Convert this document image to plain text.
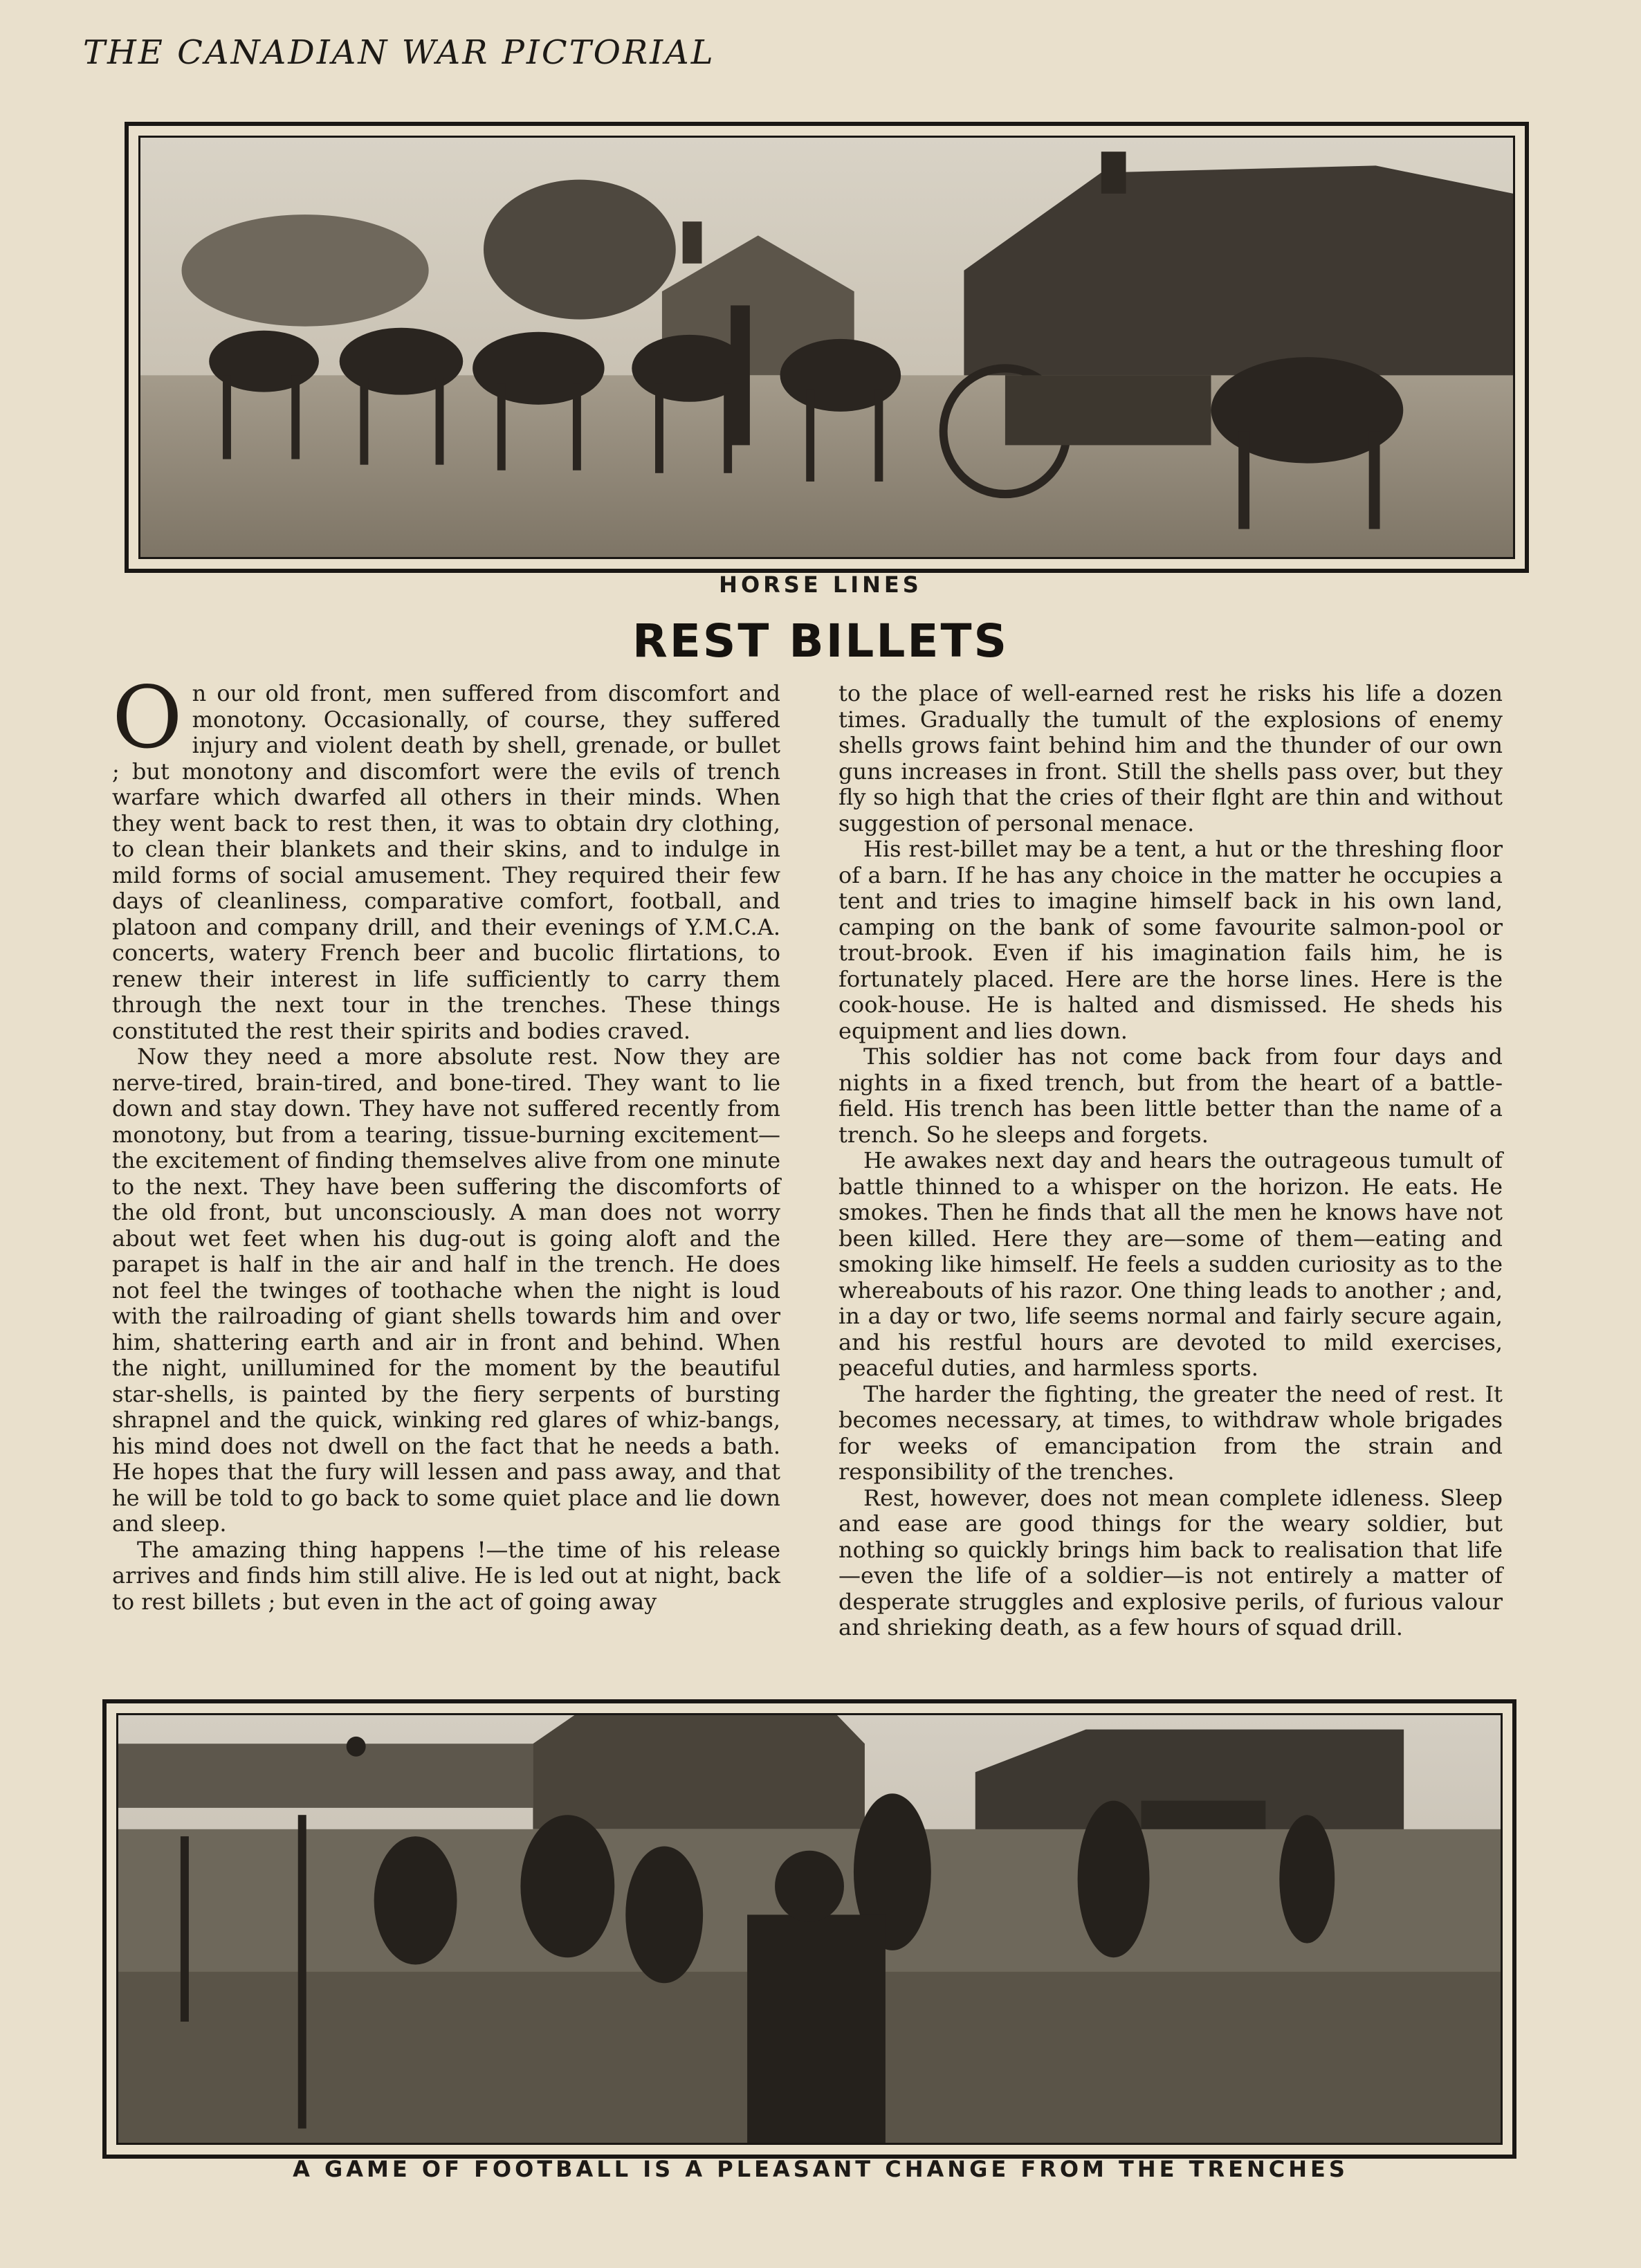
THE CANADIAN WAR PICTORIAL
HORSE LINES
REST BILLETS

On our old front, men suffered from discomfort and monotony. Occasionally, of course, they suffered injury and violent death by shell, grenade, or bullet ; but monotony and discomfort were the evils of trench warfare which dwarfed all others in their minds. When they went back to rest then, it was to obtain dry clothing, to clean their blankets and their skins, and to indulge in mild forms of social amusement. They required their few days of cleanliness, comparative comfort, football, and platoon and company drill, and their evenings of Y.M.C.A. concerts, watery French beer and bucolic flirtations, to renew their interest in life sufficiently to carry them through the next tour in the trenches. These things constituted the rest their spirits and bodies craved.

Now they need a more absolute rest. Now they are nerve-tired, brain-tired, and bone-tired. They want to lie down and stay down. They have not suffered recently from monotony, but from a tearing, tissue-burning excitement—the excitement of finding themselves alive from one minute to the next. They have been suffering the discomforts of the old front, but unconsciously. A man does not worry about wet feet when his dug-out is going aloft and the parapet is half in the air and half in the trench. He does not feel the twinges of toothache when the night is loud with the railroading of giant shells towards him and over him, shattering earth and air in front and behind. When the night, unillumined for the moment by the beautiful star-shells, is painted by the fiery serpents of bursting shrapnel and the quick, winking red glares of whiz-bangs, his mind does not dwell on the fact that he needs a bath. He hopes that the fury will lessen and pass away, and that he will be told to go back to some quiet place and lie down and sleep.

The amazing thing happens !—the time of his release arrives and finds him still alive. He is led out at night, back to rest billets ; but even in the act of going away

to the place of well-earned rest he risks his life a dozen times. Gradually the tumult of the explosions of enemy shells grows faint behind him and the thunder of our own guns increases in front. Still the shells pass over, but they fly so high that the cries of their flght are thin and without suggestion of personal menace.

His rest-billet may be a tent, a hut or the threshing floor of a barn. If he has any choice in the matter he occupies a tent and tries to imagine himself back in his own land, camping on the bank of some favourite salmon-pool or trout-brook. Even if his imagination fails him, he is fortunately placed. Here are the horse lines. Here is the cook-house. He is halted and dismissed. He sheds his equipment and lies down.

This soldier has not come back from four days and nights in a fixed trench, but from the heart of a battle-field. His trench has been little better than the name of a trench. So he sleeps and forgets.

He awakes next day and hears the outrageous tumult of battle thinned to a whisper on the horizon. He eats. He smokes. Then he finds that all the men he knows have not been killed. Here they are—some of them—eating and smoking like himself. He feels a sudden curiosity as to the whereabouts of his razor. One thing leads to another ; and, in a day or two, life seems normal and fairly secure again, and his restful hours are devoted to mild exercises, peaceful duties, and harmless sports.

The harder the fighting, the greater the need of rest. It becomes necessary, at times, to withdraw whole brigades for weeks of emancipation from the strain and responsibility of the trenches.

Rest, however, does not mean complete idleness. Sleep and ease are good things for the weary soldier, but nothing so quickly brings him back to realisation that life—even the life of a soldier—is not entirely a matter of desperate struggles and explosive perils, of furious valour and shrieking death, as a few hours of squad drill.

A GAME OF FOOTBALL IS A PLEASANT CHANGE FROM THE TRENCHES
